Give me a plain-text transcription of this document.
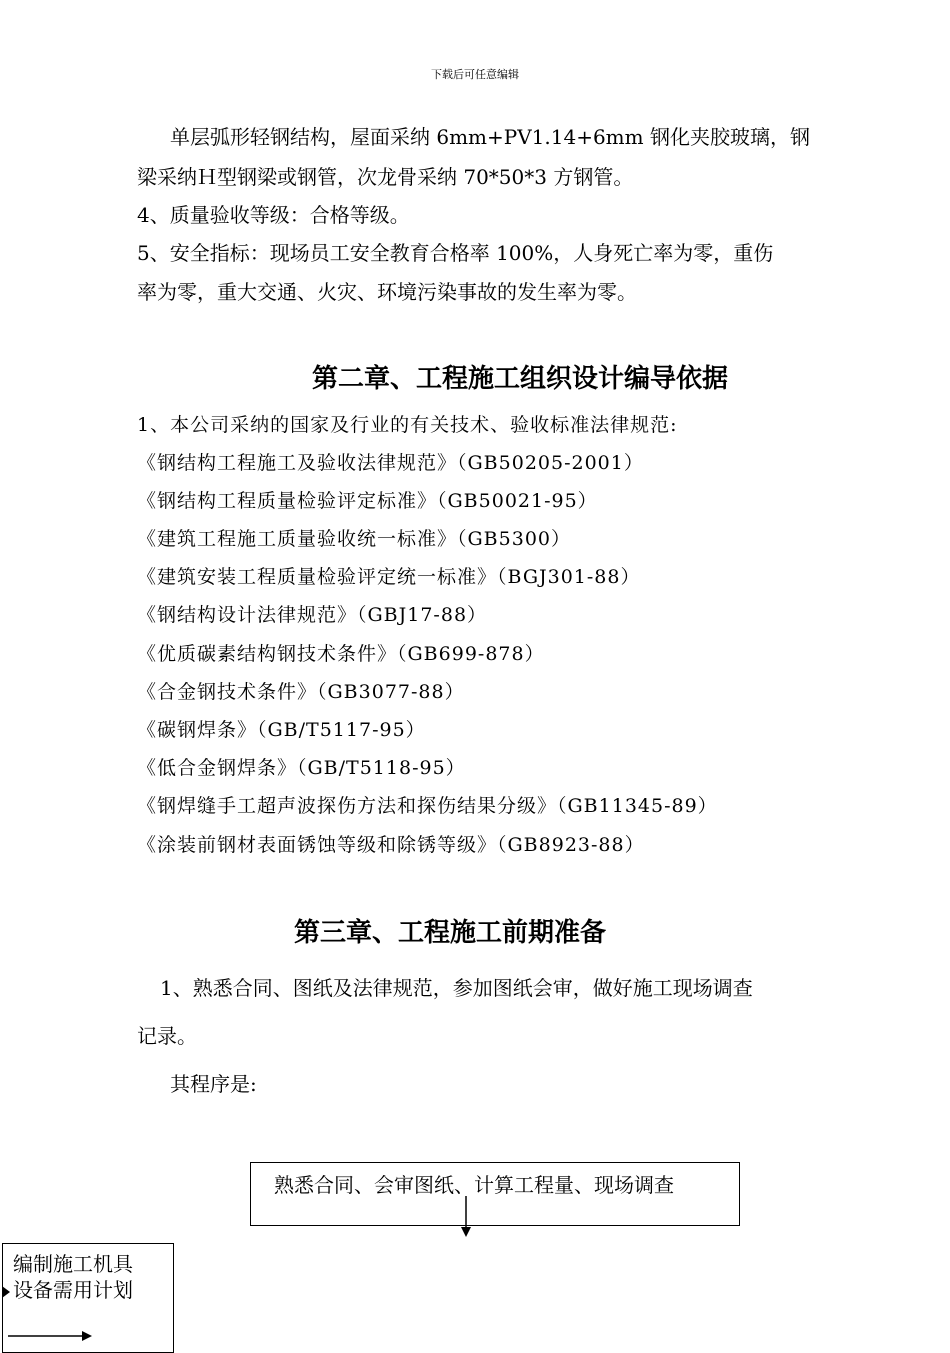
下载后可任意编辑
单层弧形轻钢结构，屋面采纳 6mm+PV1.14+6mm 钢化夹胶玻璃，钢
梁采纳Ｈ型钢梁或钢管，次龙骨采纳 70*50*3 方钢管。
4、质量验收等级：合格等级。
5、安全指标：现场员工安全教育合格率 100%，人身死亡率为零，重伤
率为零，重大交通、火灾、环境污染事故的发生率为零。
第二章、工程施工组织设计编导依据
1、本公司采纳的国家及行业的有关技术、验收标准法律规范:
《钢结构工程施工及验收法律规范》（GB50205-2001）
《钢结构工程质量检验评定标准》（GB50021-95）
《建筑工程施工质量验收统一标准》（GB5300）
《建筑安装工程质量检验评定统一标准》（BGJ301-88）
《钢结构设计法律规范》（GBJ17-88）
《优质碳素结构钢技术条件》（GB699-878）
《合金钢技术条件》（GB3077-88）
《碳钢焊条》（GB/T5117-95）
《低合金钢焊条》（GB/T5118-95）
《钢焊缝手工超声波探伤方法和探伤结果分级》（GB11345-89）
《涂装前钢材表面锈蚀等级和除锈等级》（GB8923-88）
第三章、工程施工前期准备
1、熟悉合同、图纸及法律规范，参加图纸会审，做好施工现场调查
记录。
其程序是:
熟悉合同、会审图纸、计算工程量、现场调查
编制施工机具
设备需用计划
